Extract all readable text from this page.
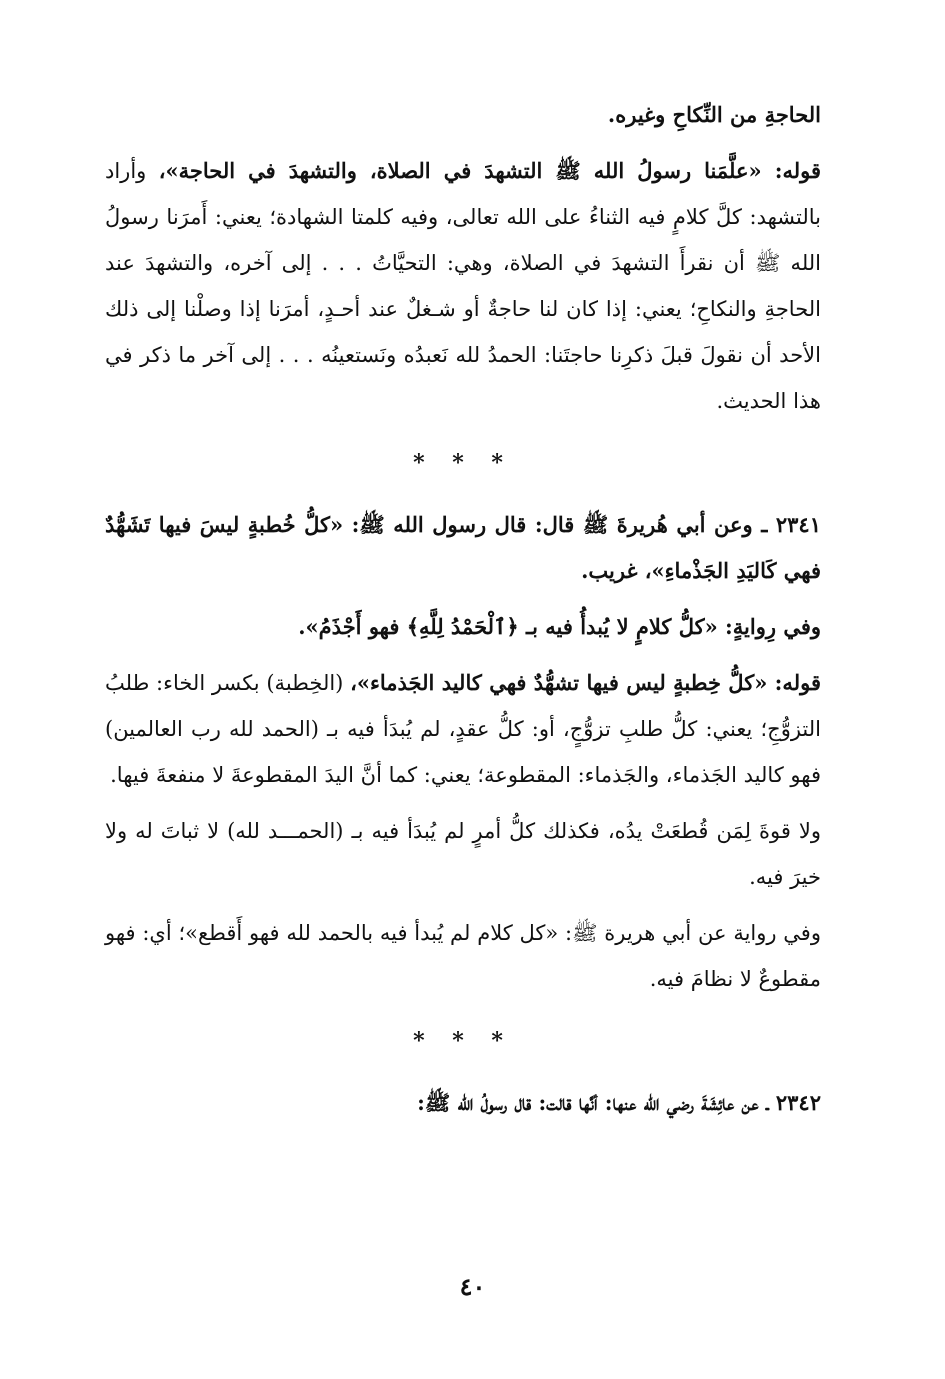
الحاجةِ من النِّكاحِ وغيره.

قوله: «علَّمَنا رسولُ الله ﷺ التشهدَ في الصلاة، والتشهدَ في الحاجة»، وأراد بالتشهد: كلَّ كلامٍ فيه الثناءُ على الله تعالى، وفيه كلمتا الشهادة؛ يعني: أَمرَنا رسولُ الله ﷺ أن نقرأَ التشهدَ في الصلاة، وهي: التحيَّاتُ . . . إلى آخره، والتشهدَ عند الحاجةِ والنكاحِ؛ يعني: إذا كان لنا حاجةٌ أو شـغلٌ عند أحـدٍ، أمرَنا إذا وصلْنا إلى ذلك الأحد أن نقولَ قبلَ ذكرِنا حاجتَنا: الحمدُ لله نَعبدُه ونَستعينُه . . . إلى آخر ما ذكر في هذا الحديث.

* * *

٢٣٤١ ـ وعن أبي هُريرةَ ﷺ قال: قال رسول الله ﷺ: «كلُّ خُطبةٍ ليسَ فيها تَشَهُّدٌ فهي كَاليَدِ الجَذْماءِ»، غريب.

وفي رِوايةٍ: «كلُّ كلامٍ لا يُبدأُ فيه بـ ﴿ٱلْحَمْدُ لِلَّهِ﴾ فهو أَجْذَمُ».

قوله: «كلُّ خِطبةٍ ليس فيها تشهُّدٌ فهي كاليد الجَذماء»، (الخِطبة) بكسر الخاء: طلبُ التزوُّجِ؛ يعني: كلُّ طلبِ تزوُّجٍ، أو: كلُّ عقدٍ، لم يُبدَأ فيه بـ (الحمد لله رب العالمين) فهو كاليد الجَذماء، والجَذماء: المقطوعة؛ يعني: كما أنَّ اليدَ المقطوعةَ لا منفعةَ فيها.

ولا قوةَ لِمَن قُطعَتْ يدُه، فكذلك كلُّ أمرٍ لم يُبدَأ فيه بـ (الحمـــد لله) لا ثباتَ له ولا خيرَ فيه.

وفي رواية عن أبي هريرة ﷺ: «كل كلام لم يُبدأ فيه بالحمد لله فهو أَقطع»؛ أي: فهو مقطوعٌ لا نظامَ فيه.

* * *

٢٣٤٢ ـ عن عائِشَةَ رضي الله عنها: أنَّها قالت: قال رسولُ الله ﷺ:

٤٠
